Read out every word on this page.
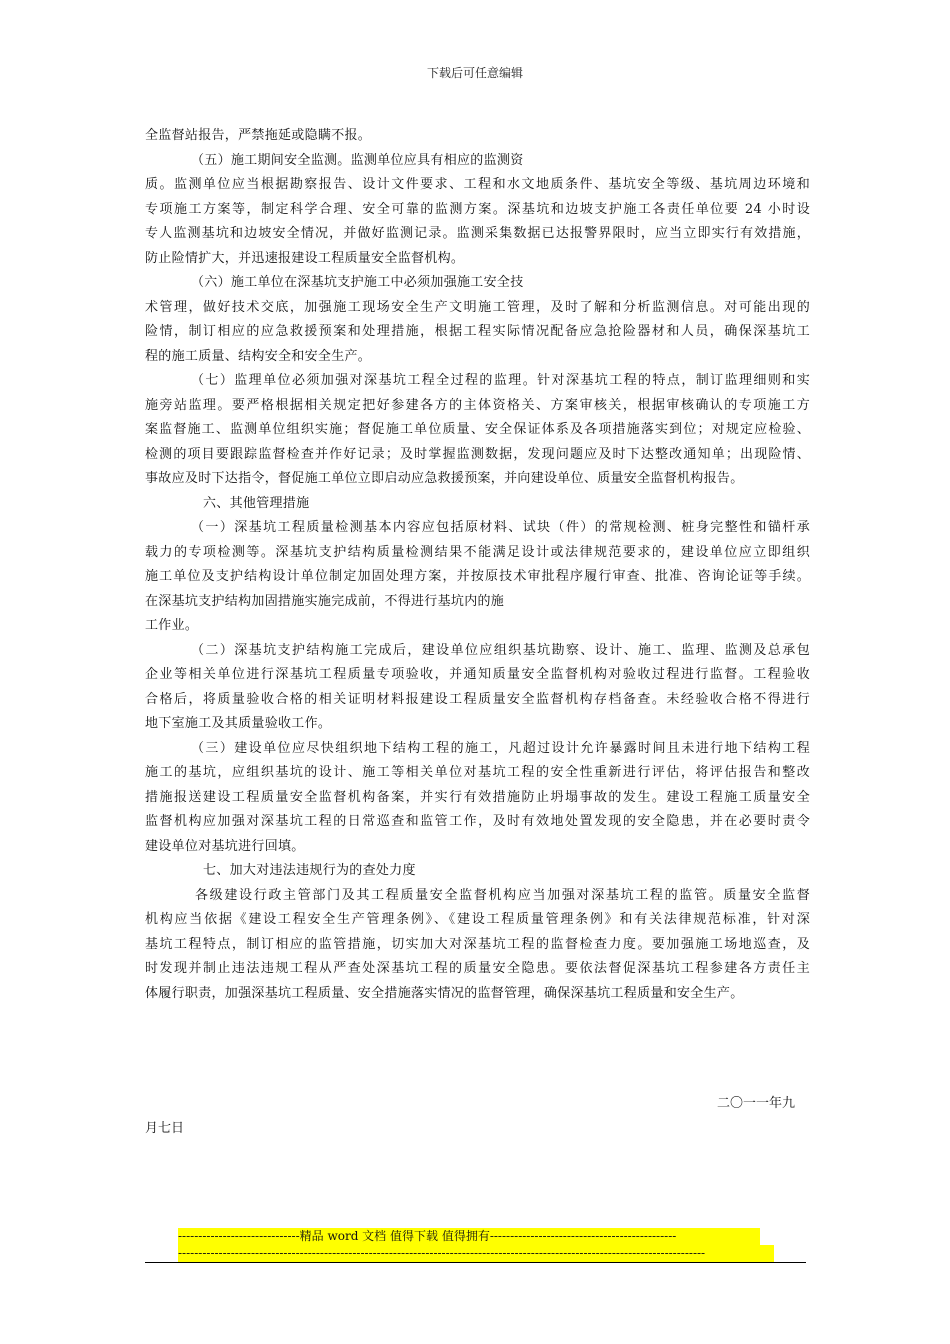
下载后可任意编辑
全监督站报告，严禁拖延或隐瞒不报。
（五）施工期间安全监测。监测单位应具有相应的监测资
质。监测单位应当根据勘察报告、设计文件要求、工程和水文地质条件、基坑安全等级、基坑周边环境和
专项施工方案等，制定科学合理、安全可靠的监测方案。深基坑和边坡支护施工各责任单位要 24 小时设
专人监测基坑和边坡安全情况，并做好监测记录。监测采集数据已达报警界限时，应当立即实行有效措施，
防止险情扩大，并迅速报建设工程质量安全监督机构。
（六）施工单位在深基坑支护施工中必须加强施工安全技
术管理，做好技术交底，加强施工现场安全生产文明施工管理，及时了解和分析监测信息。对可能出现的
险情，制订相应的应急救援预案和处理措施，根据工程实际情况配备应急抢险器材和人员，确保深基坑工
程的施工质量、结构安全和安全生产。
（七）监理单位必须加强对深基坑工程全过程的监理。针对深基坑工程的特点，制订监理细则和实
施旁站监理。要严格根据相关规定把好参建各方的主体资格关、方案审核关，根据审核确认的专项施工方
案监督施工、监测单位组织实施；督促施工单位质量、安全保证体系及各项措施落实到位；对规定应检验、
检测的项目要跟踪监督检查并作好记录；及时掌握监测数据，发现问题应及时下达整改通知单；出现险情、
事故应及时下达指令，督促施工单位立即启动应急救援预案，并向建设单位、质量安全监督机构报告。
六、其他管理措施
（一）深基坑工程质量检测基本内容应包括原材料、试块（件）的常规检测、桩身完整性和锚杆承
载力的专项检测等。深基坑支护结构质量检测结果不能满足设计或法律规范要求的，建设单位应立即组织
施工单位及支护结构设计单位制定加固处理方案，并按原技术审批程序履行审查、批准、咨询论证等手续。
在深基坑支护结构加固措施实施完成前，不得进行基坑内的施
工作业。
（二）深基坑支护结构施工完成后，建设单位应组织基坑勘察、设计、施工、监理、监测及总承包
企业等相关单位进行深基坑工程质量专项验收，并通知质量安全监督机构对验收过程进行监督。工程验收
合格后，将质量验收合格的相关证明材料报建设工程质量安全监督机构存档备查。未经验收合格不得进行
地下室施工及其质量验收工作。
（三）建设单位应尽快组织地下结构工程的施工，凡超过设计允许暴露时间且未进行地下结构工程
施工的基坑，应组织基坑的设计、施工等相关单位对基坑工程的安全性重新进行评估，将评估报告和整改
措施报送建设工程质量安全监督机构备案，并实行有效措施防止坍塌事故的发生。建设工程施工质量安全
监督机构应加强对深基坑工程的日常巡查和监管工作，及时有效地处置发现的安全隐患，并在必要时责令
建设单位对基坑进行回填。
七、加大对违法违规行为的查处力度
各级建设行政主管部门及其工程质量安全监督机构应当加强对深基坑工程的监管。质量安全监督
机构应当依据《建设工程安全生产管理条例》、《建设工程质量管理条例》和有关法律规范标准，针对深
基坑工程特点，制订相应的监管措施，切实加大对深基坑工程的监督检查力度。要加强施工场地巡查，及
时发现并制止违法违规工程从严查处深基坑工程的质量安全隐患。要依法督促深基坑工程参建各方责任主
体履行职责，加强深基坑工程质量、安全措施落实情况的监督管理，确保深基坑工程质量和安全生产。
二〇一一年九
月七日
------------------------------精品 word 文档 值得下载 值得拥有----------------------------------------------
----------------------------------------------------------------------------------------------------------------------------------
